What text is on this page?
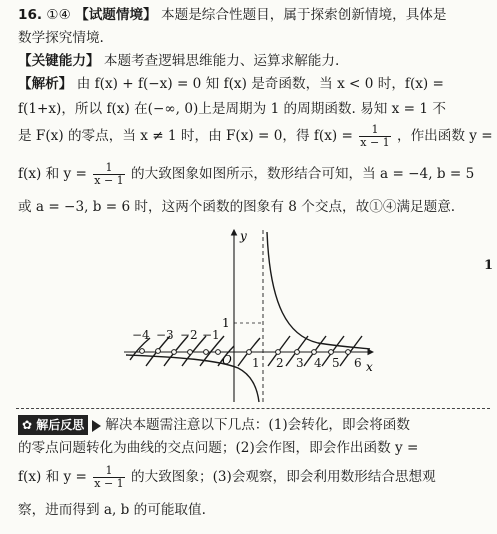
16. ①④ 【试题情境】 本题是综合性题目，属于探索创新情境，具体是
数学探究情境.
【关键能力】 本题考查逻辑思维能力、运算求解能力.
【解析】 由 f(x) + f(−x) = 0 知 f(x) 是奇函数，当 x < 0 时，f(x) =
f(1+x)，所以 f(x) 在(−∞, 0)上是周期为 1 的周期函数. 易知 x = 1 不
是 F(x) 的零点，当 x ≠ 1 时，由 F(x) = 0，得 $f(x) = \frac{1}{x - 1}$ ，作出函数 y =
f(x) 和 $y = \frac{1}{x - 1}$ 的大致图象如图所示，数形结合可知，当 a = −4, b = 5
或 a = −3, b = 6 时，这两个函数的图象有 8 个交点，故①④满足题意.
y
x
O
1
−4 −3 −2 −1
1 2 3 4 5 6
1
✿ 解后反思 解决本题需注意以下几点：(1)会转化，即会将函数
的零点问题转化为曲线的交点问题；(2)会作图，即会作出函数 y =
f(x) 和 $y = \frac{1}{x - 1}$ 的大致图象；(3)会观察，即会利用数形结合思想观
察，进而得到 a, b 的可能取值.
